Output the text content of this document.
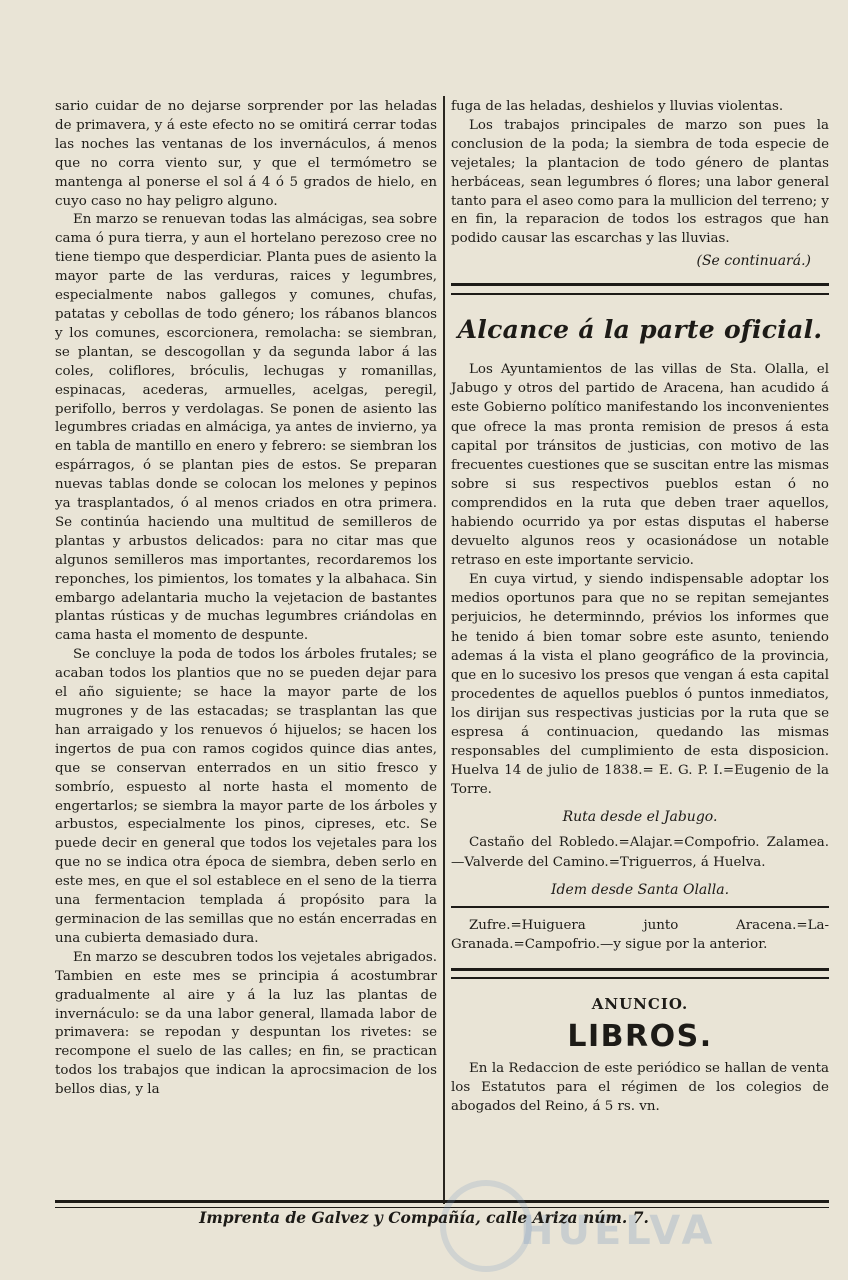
sario cuidar de no dejarse sorprender por las heladas de primavera, y á este efecto no se omitirá cerrar todas las noches las ventanas de los invernáculos, á menos que no corra viento sur, y que el termómetro se mantenga al ponerse el sol á 4 ó 5 grados de hielo, en cuyo caso no hay peligro alguno.

En marzo se renuevan todas las almácigas, sea sobre cama ó pura tierra, y aun el hortelano perezoso cree no tiene tiempo que desperdiciar. Planta pues de asiento la mayor parte de las verduras, raices y legumbres, especialmente nabos gallegos y comunes, chufas, patatas y cebollas de todo género; los rábanos blancos y los comunes, escorcionera, remolacha: se siembran, se plantan, se descogollan y da segunda labor á las coles, coliflores, bróculis, lechugas y romanillas, espinacas, acederas, armuelles, acelgas, peregil, perifollo, berros y verdolagas. Se ponen de asiento las legumbres criadas en almáciga, ya antes de invierno, ya en tabla de mantillo en enero y febrero: se siembran los espárragos, ó se plantan pies de estos. Se preparan nuevas tablas donde se colocan los melones y pepinos ya trasplantados, ó al menos criados en otra primera. Se continúa haciendo una multitud de semilleros de plantas y arbustos delicados: para no citar mas que algunos semilleros mas importantes, recordaremos los reponches, los pimientos, los tomates y la albahaca. Sin embargo adelantaria mucho la vejetacion de bastantes plantas rústicas y de muchas legumbres criándolas en cama hasta el momento de despunte.

Se concluye la poda de todos los árboles frutales; se acaban todos los plantios que no se pueden dejar para el año siguiente; se hace la mayor parte de los mugrones y de las estacadas; se trasplantan las que han arraigado y los renuevos ó hijuelos; se hacen los ingertos de pua con ramos cogidos quince dias antes, que se conservan enterrados en un sitio fresco y sombrío, espuesto al norte hasta el momento de engertarlos; se siembra la mayor parte de los árboles y arbustos, especialmente los pinos, cipreses, etc. Se puede decir en general que todos los vejetales para los que no se indica otra época de siembra, deben serlo en este mes, en que el sol establece en el seno de la tierra una fermentacion templada á propósito para la germinacion de las semillas que no están encerradas en una cubierta demasiado dura.

En marzo se descubren todos los vejetales abrigados. Tambien en este mes se principia á acostumbrar gradualmente al aire y á la luz las plantas de invernáculo: se da una labor general, llamada labor de primavera: se repodan y despuntan los rivetes: se recompone el suelo de las calles; en fin, se practican todos los trabajos que indican la aprocsimacion de los bellos dias, y la

fuga de las heladas, deshielos y lluvias violentas.

Los trabajos principales de marzo son pues la conclusion de la poda; la siembra de toda especie de vejetales; la plantacion de todo género de plantas herbáceas, sean legumbres ó flores; una labor general tanto para el aseo como para la mullicion del terreno; y en fin, la reparacion de todos los estragos que han podido causar las escarchas y las lluvias.

(Se continuará.)
Alcance á la parte oficial.

Los Ayuntamientos de las villas de Sta. Olalla, el Jabugo y otros del partido de Aracena, han acudido á este Gobierno político manifestando los inconvenientes que ofrece la mas pronta remision de presos á esta capital por tránsitos de justicias, con motivo de las frecuentes cuestiones que se suscitan entre las mismas sobre si sus respectivos pueblos estan ó no comprendidos en la ruta que deben traer aquellos, habiendo ocurrido ya por estas disputas el haberse devuelto algunos reos y ocasionádose un notable retraso en este importante servicio.

En cuya virtud, y siendo indispensable adoptar los medios oportunos para que no se repitan semejantes perjuicios, he determinndo, prévios los informes que he tenido á bien tomar sobre este asunto, teniendo ademas á la vista el plano geográfico de la provincia, que en lo sucesivo los presos que vengan á esta capital procedentes de aquellos pueblos ó puntos inmediatos, los dirijan sus respectivas justicias por la ruta que se espresa á continuacion, quedando las mismas responsables del cumplimiento de esta disposicion. Huelva 14 de julio de 1838.= E. G. P. I.=Eugenio de la Torre.

Ruta desde el Jabugo.

Castaño del Robledo.=Alajar.=Compofrio. Zalamea.—Valverde del Camino.=Triguerros, á Huelva.

Idem desde Santa Olalla.

Zufre.=Huiguera junto Aracena.=La-Granada.=Campofrio.—y sigue por la anterior.

ANUNCIO.
LIBROS.

En la Redaccion de este periódico se hallan de venta los Estatutos para el régimen de los colegios de abogados del Reino, á 5 rs. vn.

HUELVA
Imprenta de Galvez y Compañía, calle Ariza núm. 7.
